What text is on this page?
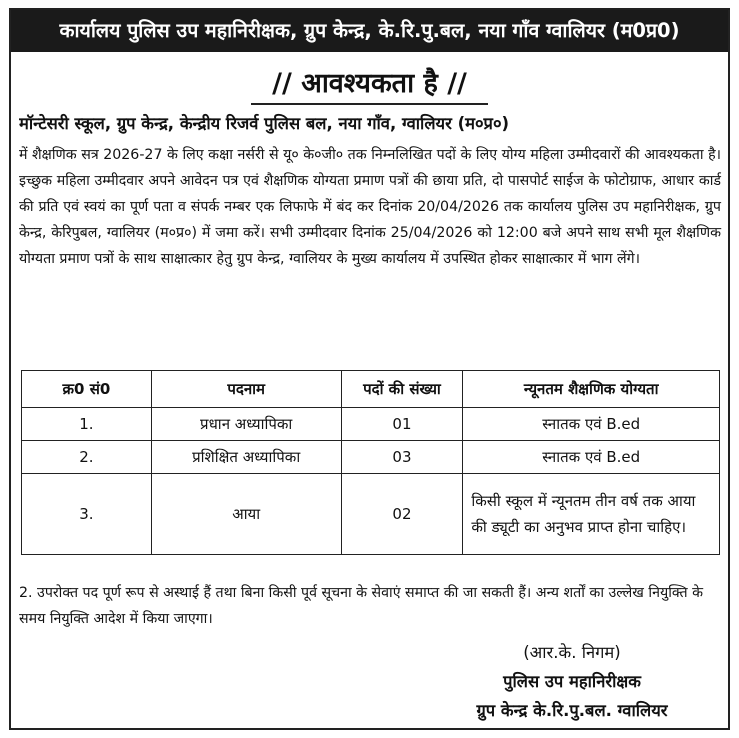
कार्यालय पुलिस उप महानिरीक्षक, ग्रुप केन्द्र, के.रि.पु.बल, नया गाँव ग्वालियर (म0प्र0)
// आवश्यकता है //
मॉन्टेसरी स्कूल, ग्रुप केन्द्र, केन्द्रीय रिजर्व पुलिस बल, नया गाँव, ग्वालियर (म०प्र०)
में शैक्षणिक सत्र 2026-27 के लिए कक्षा नर्सरी से यू० के०जी० तक निम्नलिखित पदों के लिए योग्य महिला उम्मीदवारों की आवश्यकता है। इच्छुक महिला उम्मीदवार अपने आवेदन पत्र एवं शैक्षणिक योग्यता प्रमाण पत्रों की छाया प्रति, दो पासपोर्ट साईज के फोटोग्राफ, आधार कार्ड की प्रति एवं स्वयं का पूर्ण पता व संपर्क नम्बर एक लिफाफे में बंद कर दिनांक 20/04/2026 तक कार्यालय पुलिस उप महानिरीक्षक, ग्रुप केन्द्र, केरिपुबल, ग्वालियर (म०प्र०) में जमा करें। सभी उम्मीदवार दिनांक 25/04/2026 को 12:00 बजे अपने साथ सभी मूल शैक्षणिक योग्यता प्रमाण पत्रों के साथ साक्षात्कार हेतु ग्रुप केन्द्र, ग्वालियर के मुख्य कार्यालय में उपस्थित होकर साक्षात्कार में भाग लेंगे।
क्र0 सं0	पदनाम	पदों की संख्या	न्यूनतम शैक्षणिक योग्यता
1.	प्रधान अध्यापिका	01	स्नातक एवं B.ed
2.	प्रशिक्षित अध्यापिका	03	स्नातक एवं B.ed
3.	आया	02	किसी स्कूल में न्यूनतम तीन वर्ष तक आया की ड्यूटी का अनुभव प्राप्त होना चाहिए।
2. उपरोक्त पद पूर्ण रूप से अस्थाई हैं तथा बिना किसी पूर्व सूचना के सेवाएं समाप्त की जा सकती हैं। अन्य शर्तों का उल्लेख नियुक्ति के समय नियुक्ति आदेश में किया जाएगा।
(आर.के. निगम)
पुलिस उप महानिरीक्षक
ग्रुप केन्द्र के.रि.पु.बल. ग्वालियर
